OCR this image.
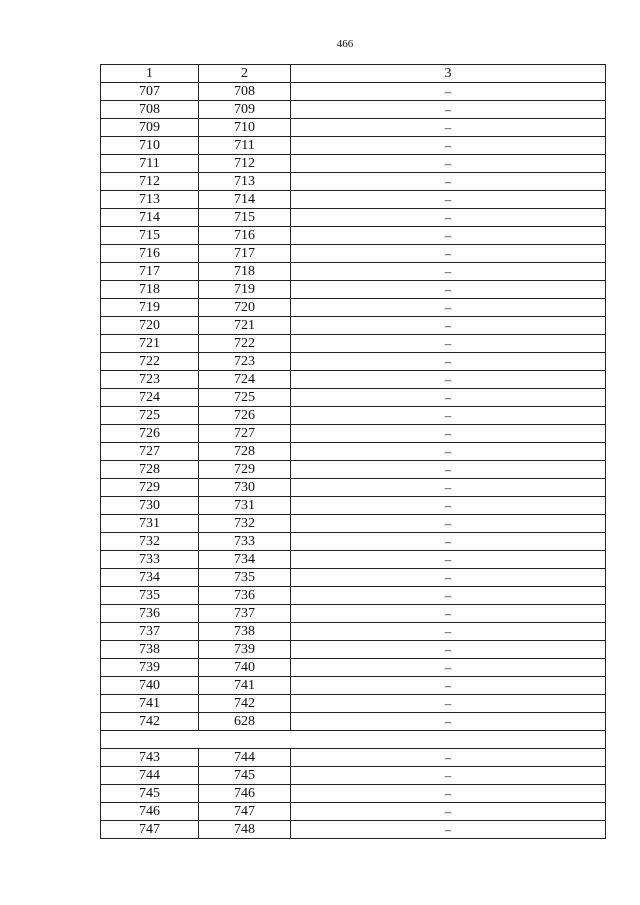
466
1	2	3
707	708	–
708	709	–
709	710	–
710	711	–
711	712	–
712	713	–
713	714	–
714	715	–
715	716	–
716	717	–
717	718	–
718	719	–
719	720	–
720	721	–
721	722	–
722	723	–
723	724	–
724	725	–
725	726	–
726	727	–
727	728	–
728	729	–
729	730	–
730	731	–
731	732	–
732	733	–
733	734	–
734	735	–
735	736	–
736	737	–
737	738	–
738	739	–
739	740	–
740	741	–
741	742	–
742	628	–

743	744	–
744	745	–
745	746	–
746	747	–
747	748	–
